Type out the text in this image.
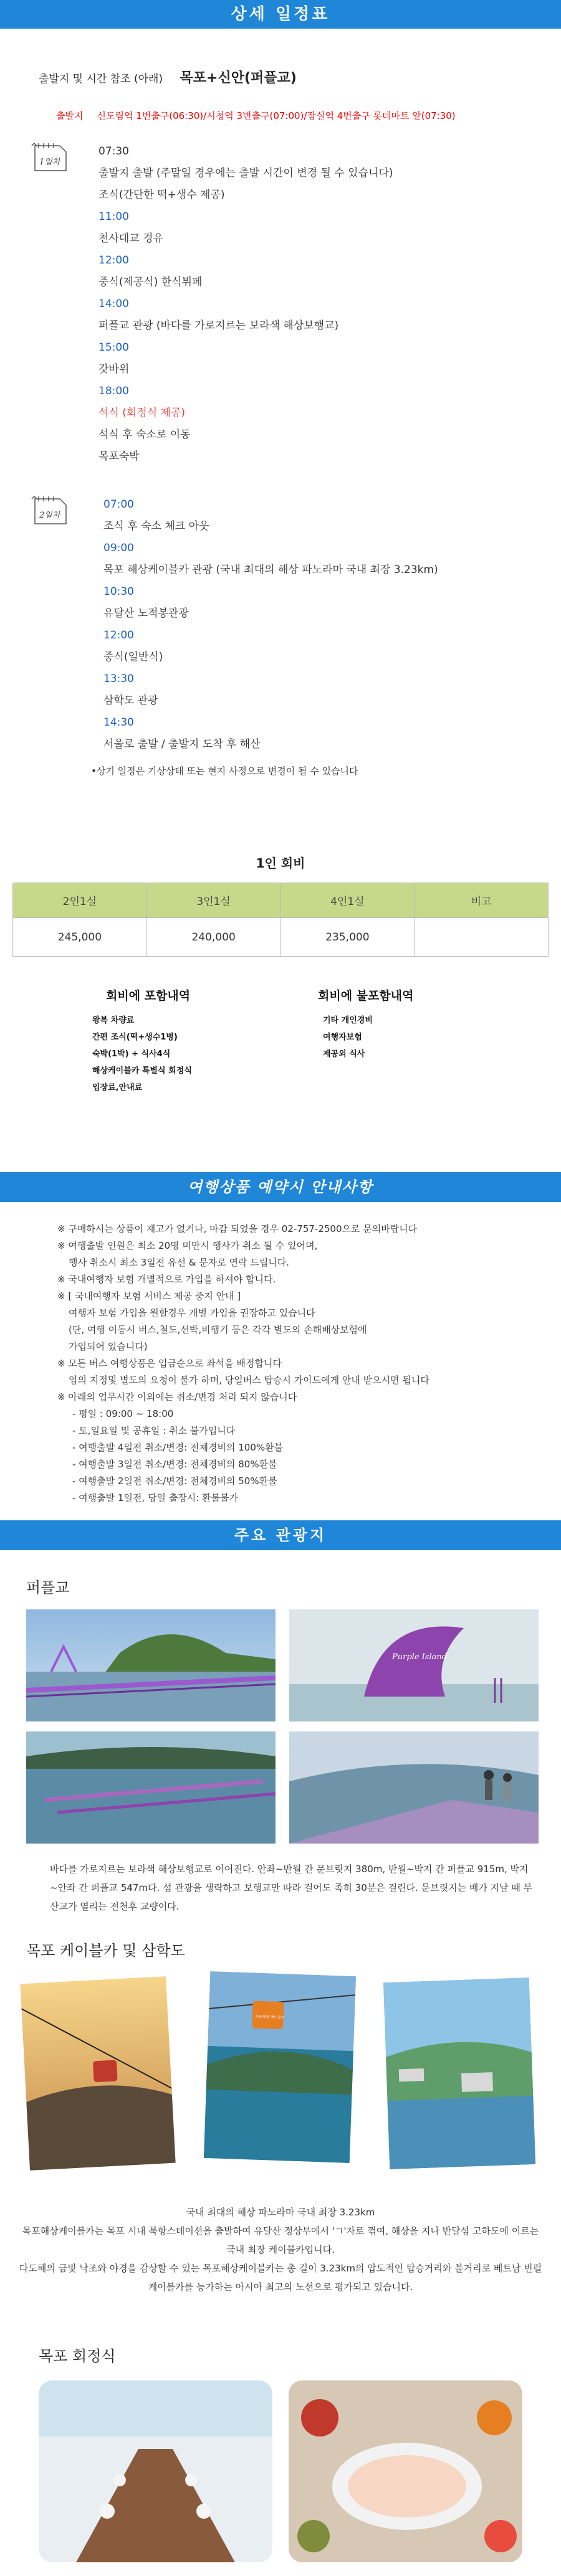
상세 일정표
출발지 및 시간 참조 (아래) 목포+신안(퍼플교)
출발지 신도림역 1번출구(06:30)/시청역 3번출구(07:00)/잠실역 4번출구 롯데마트 앞(07:30)
1일차
07:30
출발지 출발 (주말일 경우에는 출발 시간이 변경 될 수 있습니다)
조식(간단한 떡+생수 제공)
11:00
천사대교 경유
12:00
중식(제공식) 한식뷔페
14:00
퍼플교 관광 (바다를 가로지르는 보라색 해상보행교)
15:00
갓바위
18:00
석식 (회정식 제공)
석식 후 숙소로 이동
목포숙박
2일차
07:00
조식 후 숙소 체크 아웃
09:00
목포 해상케이블카 관광 (국내 최대의 해상 파노라마 국내 최장 3.23km)
10:30
유달산 노적봉관광
12:00
중식(일반식)
13:30
삼학도 관광
14:30
서울로 출발 / 출발지 도착 후 해산
•상기 일정은 기상상태 또는 현지 사정으로 변경이 될 수 있습니다
1인 회비
2인1실	3인1실	4인1실	비고
245,000	240,000	235,000	
회비에 포함내역
왕복 차량료
간편 조식(떡+생수1병)
숙박(1박) + 식사4식
해상케이블카 특별식 회정식
입장료,안내료
회비에 불포함내역
기타 개인경비
여행자보험
제공외 식사
여행상품 예약시 안내사항
※ 구매하시는 상품이 재고가 없거나, 마감 되었을 경우 02-757-2500으로 문의바랍니다
※ 여행출발 인원은 최소 20명 미만시 행사가 취소 될 수 있어며,
행사 취소시 최소 3일전 유선 & 문자로 연락 드립니다.
※ 국내여행자 보험 개별적으로 가입을 하셔야 합니다.
※ [ 국내여행자 보험 서비스 제공 중지 안내 ]
여행자 보험 가입을 원할경우 개별 가입을 권장하고 있습니다
(단, 여행 이동시 버스,철도,선박,비행기 등은 각각 별도의 손해배상보험에
가입되어 있습니다)
※ 모든 버스 여행상품은 입금순으로 좌석을 배정합니다
임의 지정및 별도의 요청이 불가 하며, 당일버스 탑승시 가이드에게 안내 받으시면 됩니다
※ 아래의 업무시간 이외에는 취소/변경 처리 되지 않습니다
- 평일 : 09:00 ~ 18:00
- 토,일요일 및 공휴일 : 취소 불가입니다
- 여행출발 4일전 취소/변경: 전체경비의 100%환불
- 여행출발 3일전 취소/변경: 전체경비의 80%환불
- 여행출발 2일전 취소/변경: 전체경비의 50%환불
- 여행출발 1일전, 당일 출장시: 환불불가
주요 관광지
퍼플교
Purple Island
바다를 가로지르는 보라색 해상보행교로 이어진다. 안좌~반월 간 문브릿지 380m, 반월~박지 간 퍼플교 915m, 박지~안좌 간 퍼플교 547m다. 섬 관광을 생략하고 보행교만 따라 걸어도 족히 30분은 걸린다. 문브릿지는 배가 지날 때 부산교가 열리는 전천후 교량이다.
목포 케이블카 및 삼학도
목포해상 케이블카
국내 최대의 해상 파노라마 국내 최장 3.23km
목포해상케이블카는 목포 시내 북항스테이션을 출발하여 유달산 정상부에서 'ㄱ'자로 꺾여, 해상을 지나 반달섬 고하도에 이르는 국내 최장 케이블카입니다.
다도해의 금빛 낙조와 야경을 감상할 수 있는 목포해상케이블카는 총 길이 3.23km의 압도적인 탑승거리와 불거리로 베트남 빈펄케이블카를 능가하는 아시아 최고의 노선으로 평가되고 있습니다.
목포 회정식
